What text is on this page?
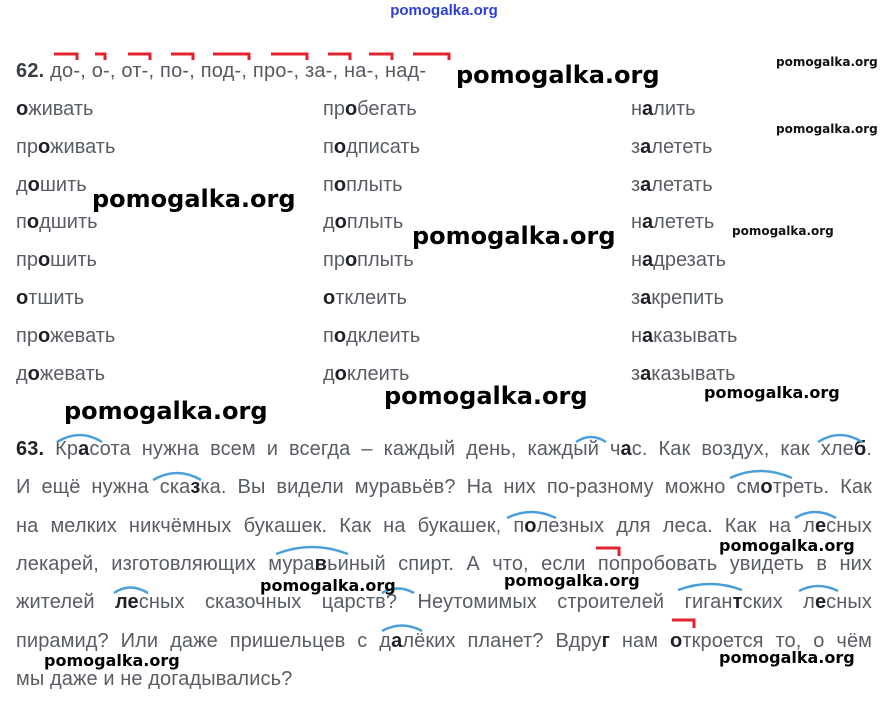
pomogalka.org
62. до-, о-, от-, по-, под-, про-, за-, на-, над-
оживать
проживать
дошить
подшить
прошить
отшить
прожевать
дожевать
пробегать
подписать
поплыть
доплыть
проплыть
отклеить
подклеить
доклеить
налить
залететь
залетать
налететь
надрезать
закрепить
наказывать
заказывать
63. Красота нужна всем и всегда – каждый день, каждый час. Как воздух, как хлеб.
И ещё нужна сказка. Вы видели муравьёв? На них по-разному можно смотреть. Как
на мелких никчёмных букашек. Как на букашек, полезных для леса. Как на лесных
лекарей, изготовляющих муравьиный спирт. А что, если попробовать увидеть в них
жителей лесных сказочных царств? Неутомимых строителей гигантских лесных
пирамид? Или даже пришельцев с далёких планет? Вдруг нам откроется то, о чём
мы даже и не догадывались?
pomogalka.org	pomogalka.org
pomogalka.org
pomogalka.org
pomogalka.org	pomogalka.org
pomogalka.org
pomogalka.org
pomogalka.org
pomogalka.org
pomogalka.org
pomogalka.org
pomogalka.org
pomogalka.org
